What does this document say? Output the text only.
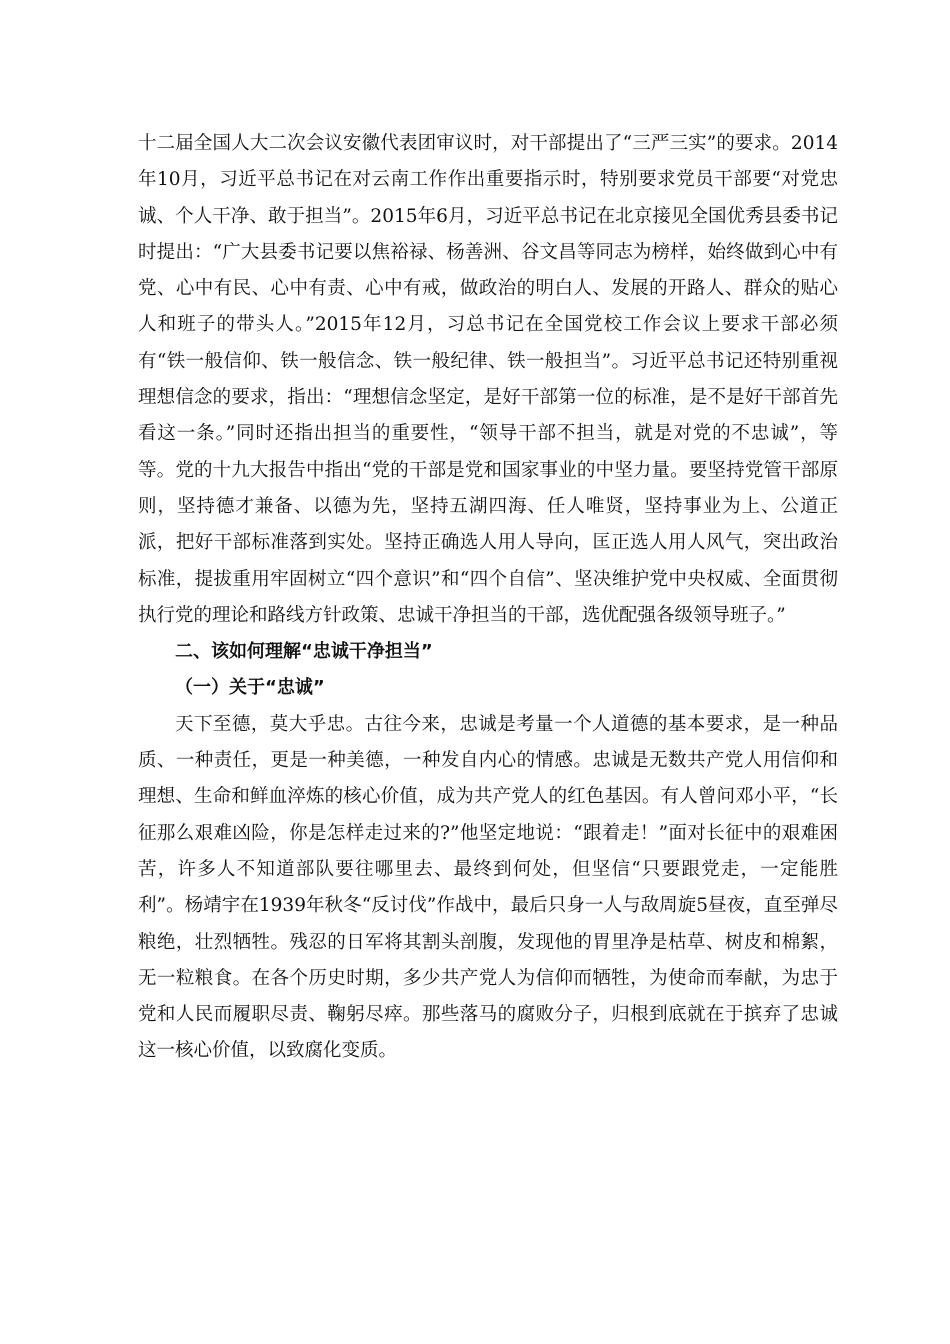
十二届全国人大二次会议安徽代表团审议时，对干部提出了“三严三实”的要求。2014年10月，习近平总书记在对云南工作作出重要指示时，特别要求党员干部要“对党忠诚、个人干净、敢于担当”。2015年6月，习近平总书记在北京接见全国优秀县委书记时提出：“广大县委书记要以焦裕禄、杨善洲、谷文昌等同志为榜样，始终做到心中有党、心中有民、心中有责、心中有戒，做政治的明白人、发展的开路人、群众的贴心人和班子的带头人。”2015年12月，习总书记在全国党校工作会议上要求干部必须有“铁一般信仰、铁一般信念、铁一般纪律、铁一般担当”。习近平总书记还特别重视理想信念的要求，指出：“理想信念坚定，是好干部第一位的标准，是不是好干部首先看这一条。”同时还指出担当的重要性，“领导干部不担当，就是对党的不忠诚”，等等。党的十九大报告中指出“党的干部是党和国家事业的中坚力量。要坚持党管干部原则，坚持德才兼备、以德为先，坚持五湖四海、任人唯贤，坚持事业为上、公道正派，把好干部标准落到实处。坚持正确选人用人导向，匡正选人用人风气，突出政治标准，提拔重用牢固树立“四个意识”和“四个自信”、坚决维护党中央权威、全面贯彻执行党的理论和路线方针政策、忠诚干净担当的干部，选优配强各级领导班子。”

二、该如何理解“忠诚干净担当”

（一）关于“忠诚”

天下至德，莫大乎忠。古往今来，忠诚是考量一个人道德的基本要求，是一种品质、一种责任，更是一种美德，一种发自内心的情感。忠诚是无数共产党人用信仰和理想、生命和鲜血淬炼的核心价值，成为共产党人的红色基因。有人曾问邓小平，“长征那么艰难凶险，你是怎样走过来的?”他坚定地说：“跟着走！”面对长征中的艰难困苦，许多人不知道部队要往哪里去、最终到何处，但坚信“只要跟党走，一定能胜利”。杨靖宇在1939年秋冬“反讨伐”作战中，最后只身一人与敌周旋5昼夜，直至弹尽粮绝，壮烈牺牲。残忍的日军将其割头剖腹，发现他的胃里净是枯草、树皮和棉絮，无一粒粮食。在各个历史时期，多少共产党人为信仰而牺牲，为使命而奉献，为忠于党和人民而履职尽责、鞠躬尽瘁。那些落马的腐败分子，归根到底就在于摈弃了忠诚这一核心价值，以致腐化变质。
